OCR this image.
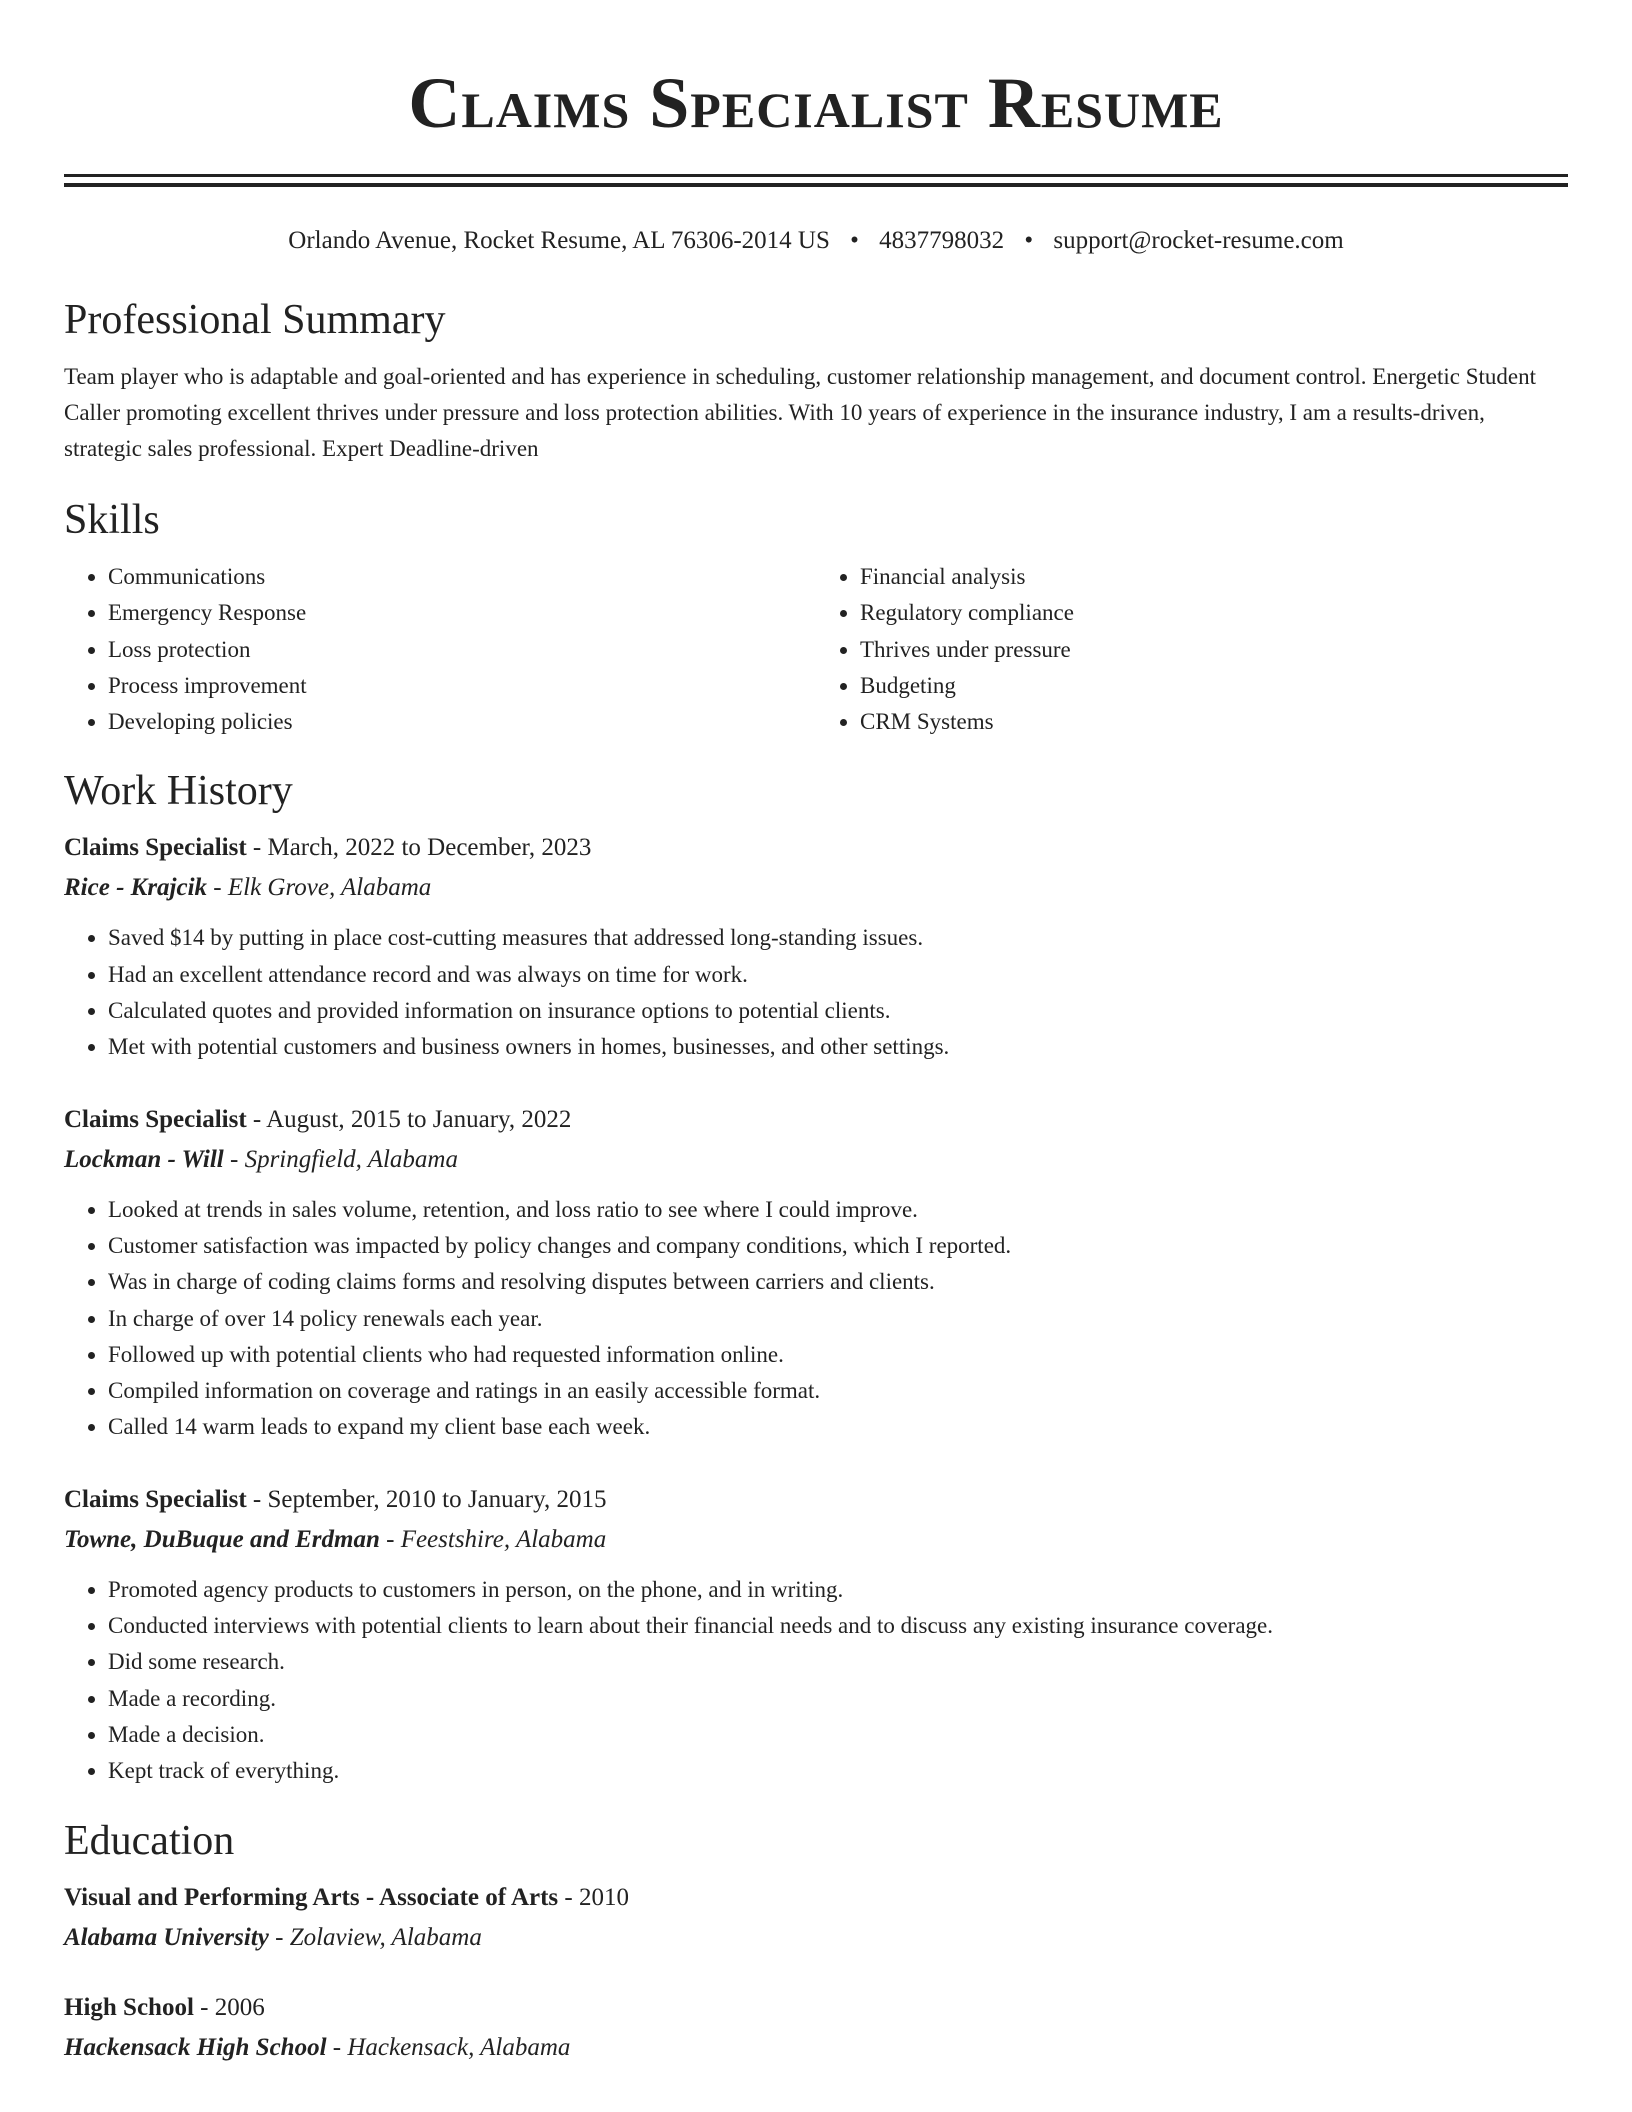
Claims Specialist Resume
Orlando Avenue, Rocket Resume, AL 76306-2014 US • 4837798032 • support@rocket-resume.com
Professional Summary
Team player who is adaptable and goal-oriented and has experience in scheduling, customer relationship management, and document control. Energetic Student Caller promoting excellent thrives under pressure and loss protection abilities. With 10 years of experience in the insurance industry, I am a results-driven, strategic sales professional. Expert Deadline-driven
Skills
• Communications
• Emergency Response
• Loss protection
• Process improvement
• Developing policies
• Financial analysis
• Regulatory compliance
• Thrives under pressure
• Budgeting
• CRM Systems
Work History
Claims Specialist - March, 2022 to December, 2023
Rice - Krajcik - Elk Grove, Alabama
• Saved $14 by putting in place cost-cutting measures that addressed long-standing issues.
• Had an excellent attendance record and was always on time for work.
• Calculated quotes and provided information on insurance options to potential clients.
• Met with potential customers and business owners in homes, businesses, and other settings.
Claims Specialist - August, 2015 to January, 2022
Lockman - Will - Springfield, Alabama
• Looked at trends in sales volume, retention, and loss ratio to see where I could improve.
• Customer satisfaction was impacted by policy changes and company conditions, which I reported.
• Was in charge of coding claims forms and resolving disputes between carriers and clients.
• In charge of over 14 policy renewals each year.
• Followed up with potential clients who had requested information online.
• Compiled information on coverage and ratings in an easily accessible format.
• Called 14 warm leads to expand my client base each week.
Claims Specialist - September, 2010 to January, 2015
Towne, DuBuque and Erdman - Feestshire, Alabama
• Promoted agency products to customers in person, on the phone, and in writing.
• Conducted interviews with potential clients to learn about their financial needs and to discuss any existing insurance coverage.
• Did some research.
• Made a recording.
• Made a decision.
• Kept track of everything.
Education
Visual and Performing Arts - Associate of Arts - 2010
Alabama University - Zolaview, Alabama
High School - 2006
Hackensack High School - Hackensack, Alabama
